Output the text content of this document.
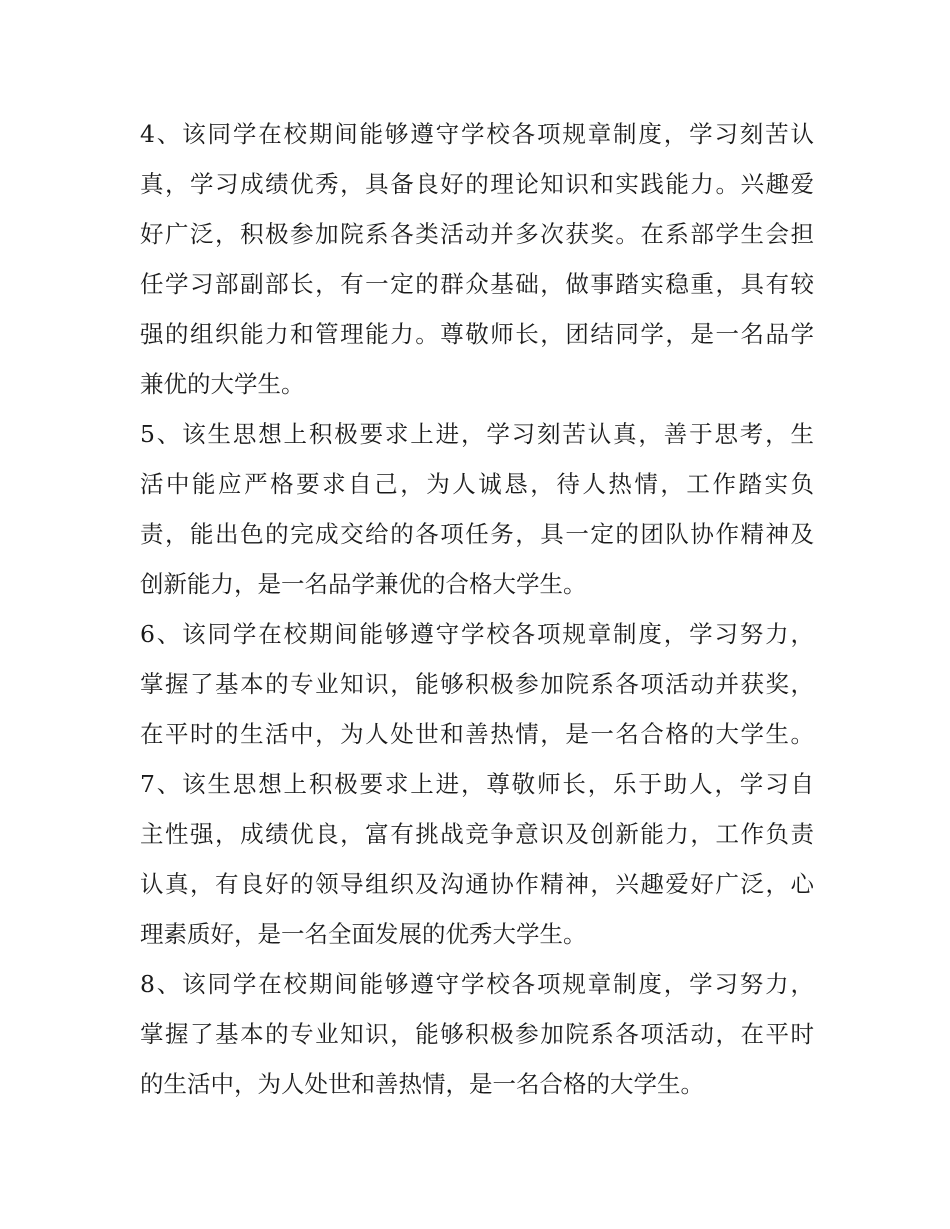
4、该同学在校期间能够遵守学校各项规章制度，学习刻苦认
真，学习成绩优秀，具备良好的理论知识和实践能力。兴趣爱
好广泛，积极参加院系各类活动并多次获奖。在系部学生会担
任学习部副部长，有一定的群众基础，做事踏实稳重，具有较
强的组织能力和管理能力。尊敬师长，团结同学，是一名品学
兼优的大学生。
5、该生思想上积极要求上进，学习刻苦认真，善于思考，生
活中能应严格要求自己，为人诚恳，待人热情，工作踏实负
责，能出色的完成交给的各项任务，具一定的团队协作精神及
创新能力，是一名品学兼优的合格大学生。
6、该同学在校期间能够遵守学校各项规章制度，学习努力，
掌握了基本的专业知识，能够积极参加院系各项活动并获奖，
在平时的生活中，为人处世和善热情，是一名合格的大学生。
7、该生思想上积极要求上进，尊敬师长，乐于助人，学习自
主性强，成绩优良，富有挑战竞争意识及创新能力，工作负责
认真，有良好的领导组织及沟通协作精神，兴趣爱好广泛，心
理素质好，是一名全面发展的优秀大学生。
8、该同学在校期间能够遵守学校各项规章制度，学习努力，
掌握了基本的专业知识，能够积极参加院系各项活动，在平时
的生活中，为人处世和善热情，是一名合格的大学生。
